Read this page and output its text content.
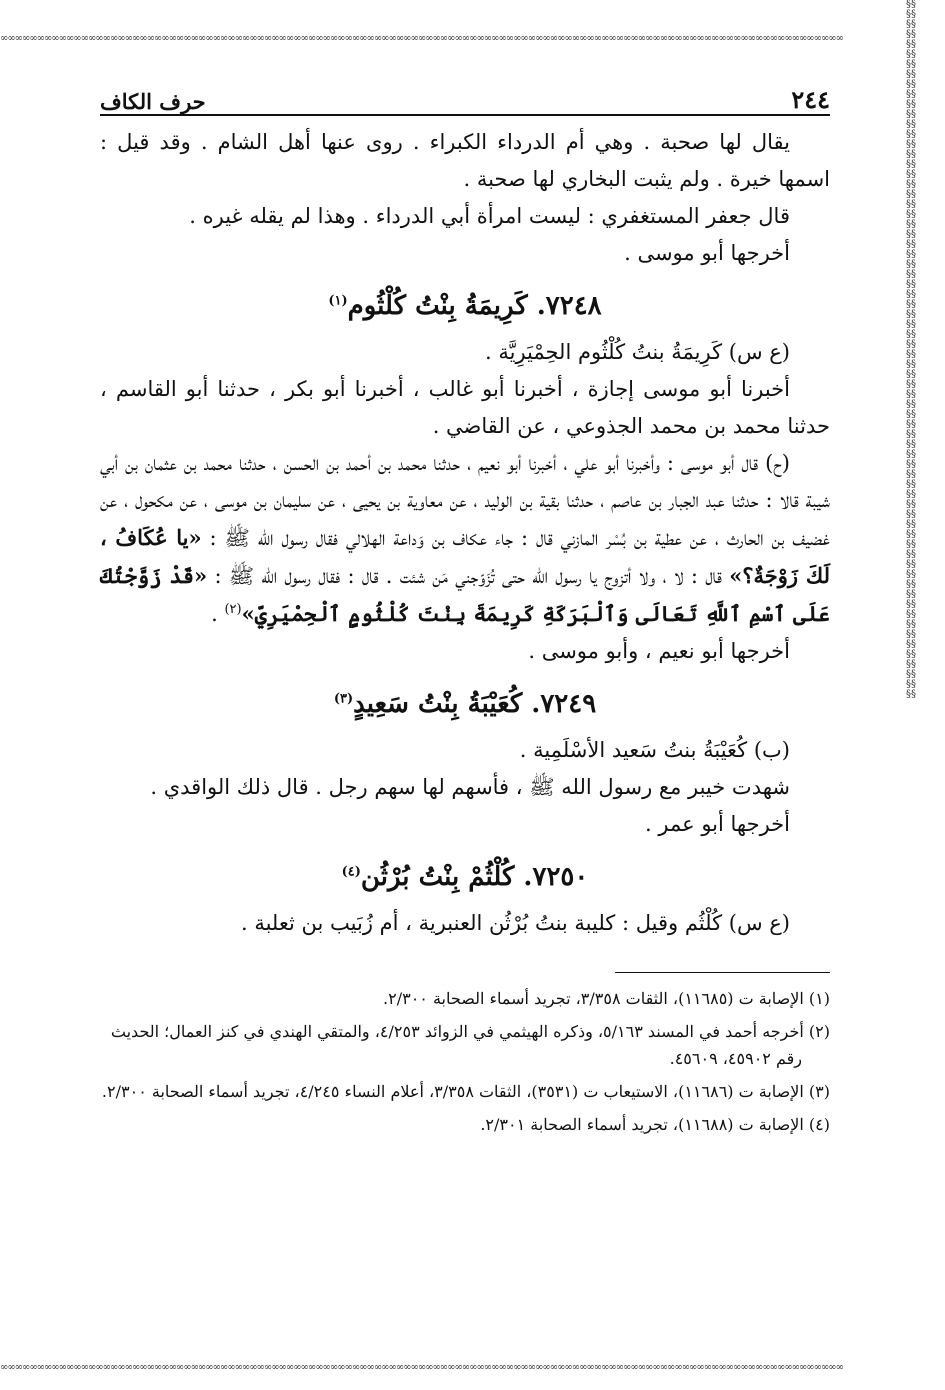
∞∞∞∞∞∞∞∞∞∞∞∞∞∞∞∞∞∞∞∞∞∞∞∞∞∞∞∞∞∞∞∞∞∞∞∞∞∞∞∞∞∞∞∞∞∞∞∞∞∞∞∞∞∞∞∞∞∞∞∞∞∞∞∞∞∞∞∞∞∞∞∞∞∞∞∞∞∞∞∞∞∞∞∞∞∞∞∞∞∞∞∞∞∞∞∞∞∞∞∞∞∞∞∞∞∞∞∞∞∞∞∞∞∞∞
∞∞∞∞∞∞∞∞∞∞∞∞∞∞∞∞∞∞∞∞∞∞∞∞∞∞∞∞∞∞∞∞∞∞∞∞∞∞∞∞∞∞∞∞∞∞∞∞∞∞∞∞∞∞∞∞∞∞∞∞∞∞∞∞∞∞∞∞∞∞∞∞∞∞∞∞∞∞∞∞∞∞∞∞∞∞∞∞∞∞∞∞∞∞∞∞∞∞∞∞∞∞∞∞∞∞∞∞∞∞∞∞∞∞∞
§§§§§§§§§§§§§§§§§§§§§§§§§§§§§§§§§§§§§§§§§§§§§§§§§§§§§§§§§§§§§§§§§§§§§§§§§§§§§§§§§§§§§§§§§§§§§§§§§§§§§§§§§§§§§§§§§§§§§§§§§§§§§§§§§§§§§§§§§§§§
٢٤٤
حرف الكاف

يقال لها صحبة . وهي أم الدرداء الكبراء . روى عنها أهل الشام . وقد قيل : اسمها خيرة . ولم يثبت البخاري لها صحبة .

قال جعفر المستغفري : ليست امرأة أبي الدرداء . وهذا لم يقله غيره .

أخرجها أبو موسى .

٧٢٤٨. كَرِيمَةُ بِنْتُ كُلْثُوم$^{(١)}$

(ع س) كَرِيمَةُ بنتُ كُلْثُوم الحِمْيَرِيَّة .

أخبرنا أبو موسى إجازة ، أخبرنا أبو غالب ، أخبرنا أبو بكر ، حدثنا أبو القاسم ، حدثنا محمد بن محمد الجذوعي ، عن القاضي .

(ح) قال أبو موسى : وأخبرنا أبو علي ، أخبرنا أبو نعيم ، حدثنا محمد بن أحمد بن الحسن ، حدثنا محمد بن عثمان بن أبي شيبة قالا : حدثنا عبد الجبار بن عاصم ، حدثنا بقية بن الوليد ، عن معاوية بن يحيى ، عن سليمان بن موسى ، عن مكحول ، عن غضيف بن الحارث ، عن عطية بن بُسْر المازني قال : جاء عكاف بن وَداعة الهلالي فقال رسول الله ﷺ : «يا عُكَافُ ، لَكَ زَوْجَةٌ؟» قال : لا ، ولا أتزوج يا رسول الله حتى تُزَوّجني مَن شئت . قال : فقال رسول الله ﷺ : «قَدْ زَوَّجْتُكَ عَلَى ٱسْمِ ٱللَّهِ تَعَالَى وَٱلْبَرَكَةِ كَرِيمَةَ بِنْتَ كُلْثُومٍ ٱلْحِمْيَرِيِّ»$^{(٢)}$ .

أخرجها أبو نعيم ، وأبو موسى .

٧٢٤٩. كُعَيْبَةُ بِنْتُ سَعِيدٍ$^{(٣)}$

(ب) كُعَيْبَةُ بنتُ سَعيد الأسْلَمِية .

شهدت خيبر مع رسول الله ﷺ ، فأسهم لها سهم رجل . قال ذلك الواقدي .

أخرجها أبو عمر .

٧٢٥٠. كُلْثُمْ بِنْتُ بُرْثُن$^{(٤)}$

(ع س) كُلْثُم وقيل : كليبة بنتُ بُرْثُن العنبرية ، أم زُبَيب بن ثعلبة .

(١) الإصابة ت (١١٦٨٥)، الثقات ٣/٣٥٨، تجريد أسماء الصحابة ٢/٣٠٠.

(٢) أخرجه أحمد في المسند ٥/١٦٣، وذكره الهيثمي في الزوائد ٤/٢٥٣، والمتقي الهندي في كنز العمال؛ الحديث رقم ٤٥٩٠٢، ٤٥٦٠٩.

(٣) الإصابة ت (١١٦٨٦)، الاستيعاب ت (٣٥٣١)، الثقات ٣/٣٥٨، أعلام النساء ٤/٢٤٥، تجريد أسماء الصحابة ٢/٣٠٠.

(٤) الإصابة ت (١١٦٨٨)، تجريد أسماء الصحابة ٢/٣٠١.
